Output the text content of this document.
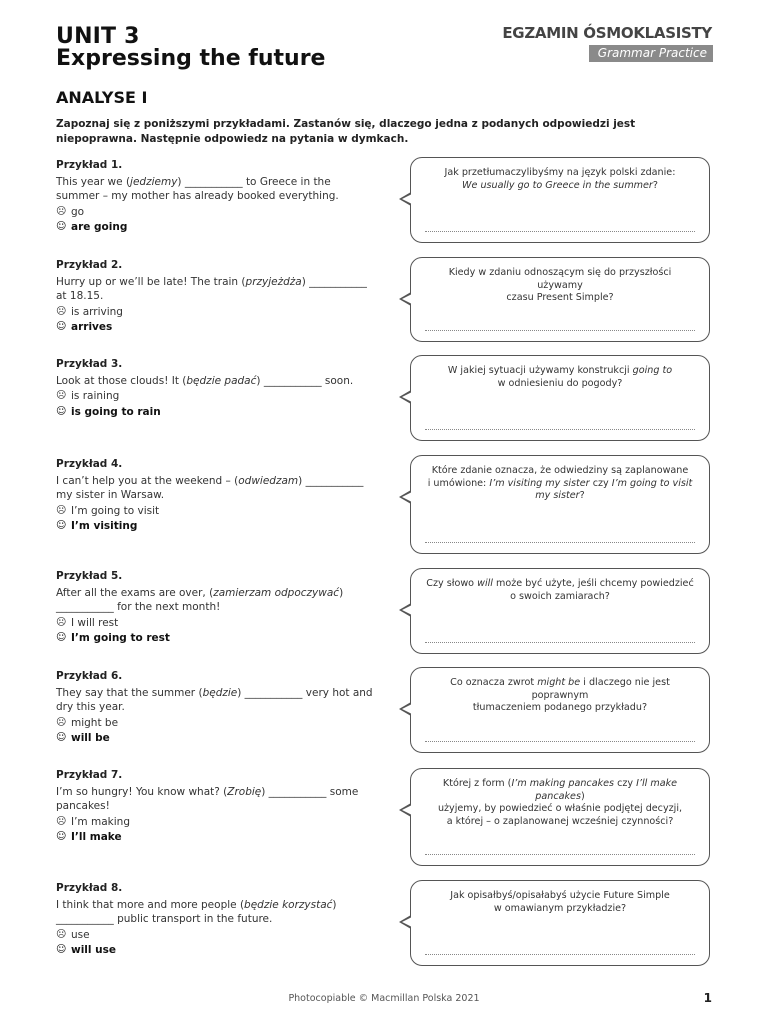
UNIT 3
Expressing the future
EGZAMIN ÓSMOKLASISTY
Grammar Practice
ANALYSE I
Zapoznaj się z poniższymi przykładami. Zastanów się, dlaczego jedna z podanych odpowiedzi jest niepoprawna. Następnie odpowiedz na pytania w dymkach.
Przykład 1.
This year we (jedziemy) ___________ to Greece in the summer – my mother has already booked everything.
☹ go
☺ are going
Jak przetłumaczylibyśmy na język polski zdanie:
We usually go to Greece in the summer?
Przykład 2.
Hurry up or we’ll be late! The train (przyjeżdża) ___________ at 18.15.
☹ is arriving
☺ arrives
Kiedy w zdaniu odnoszącym się do przyszłości używamy
czasu Present Simple?
Przykład 3.
Look at those clouds! It (będzie padać) ___________ soon.
☹ is raining
☺ is going to rain
W jakiej sytuacji używamy konstrukcji going to
w odniesieniu do pogody?
Przykład 4.
I can’t help you at the weekend – (odwiedzam) ___________ my sister in Warsaw.
☹ I’m going to visit
☺ I’m visiting
Które zdanie oznacza, że odwiedziny są zaplanowane
i umówione: I’m visiting my sister czy I’m going to visit
my sister?
Przykład 5.
After all the exams are over, (zamierzam odpoczywać) ___________ for the next month!
☹ I will rest
☺ I’m going to rest
Czy słowo will może być użyte, jeśli chcemy powiedzieć
o swoich zamiarach?
Przykład 6.
They say that the summer (będzie) ___________ very hot and dry this year.
☹ might be
☺ will be
Co oznacza zwrot might be i dlaczego nie jest poprawnym
tłumaczeniem podanego przykładu?
Przykład 7.
I’m so hungry! You know what? (Zrobię) ___________ some pancakes!
☹ I’m making
☺ I’ll make
Której z form (I’m making pancakes czy I’ll make pancakes)
użyjemy, by powiedzieć o właśnie podjętej decyzji,
a której – o zaplanowanej wcześniej czynności?
Przykład 8.
I think that more and more people (będzie korzystać) ___________ public transport in the future.
☹ use
☺ will use
Jak opisałbyś/opisałabyś użycie Future Simple
w omawianym przykładzie?
Photocopiable © Macmillan Polska 2021	1
